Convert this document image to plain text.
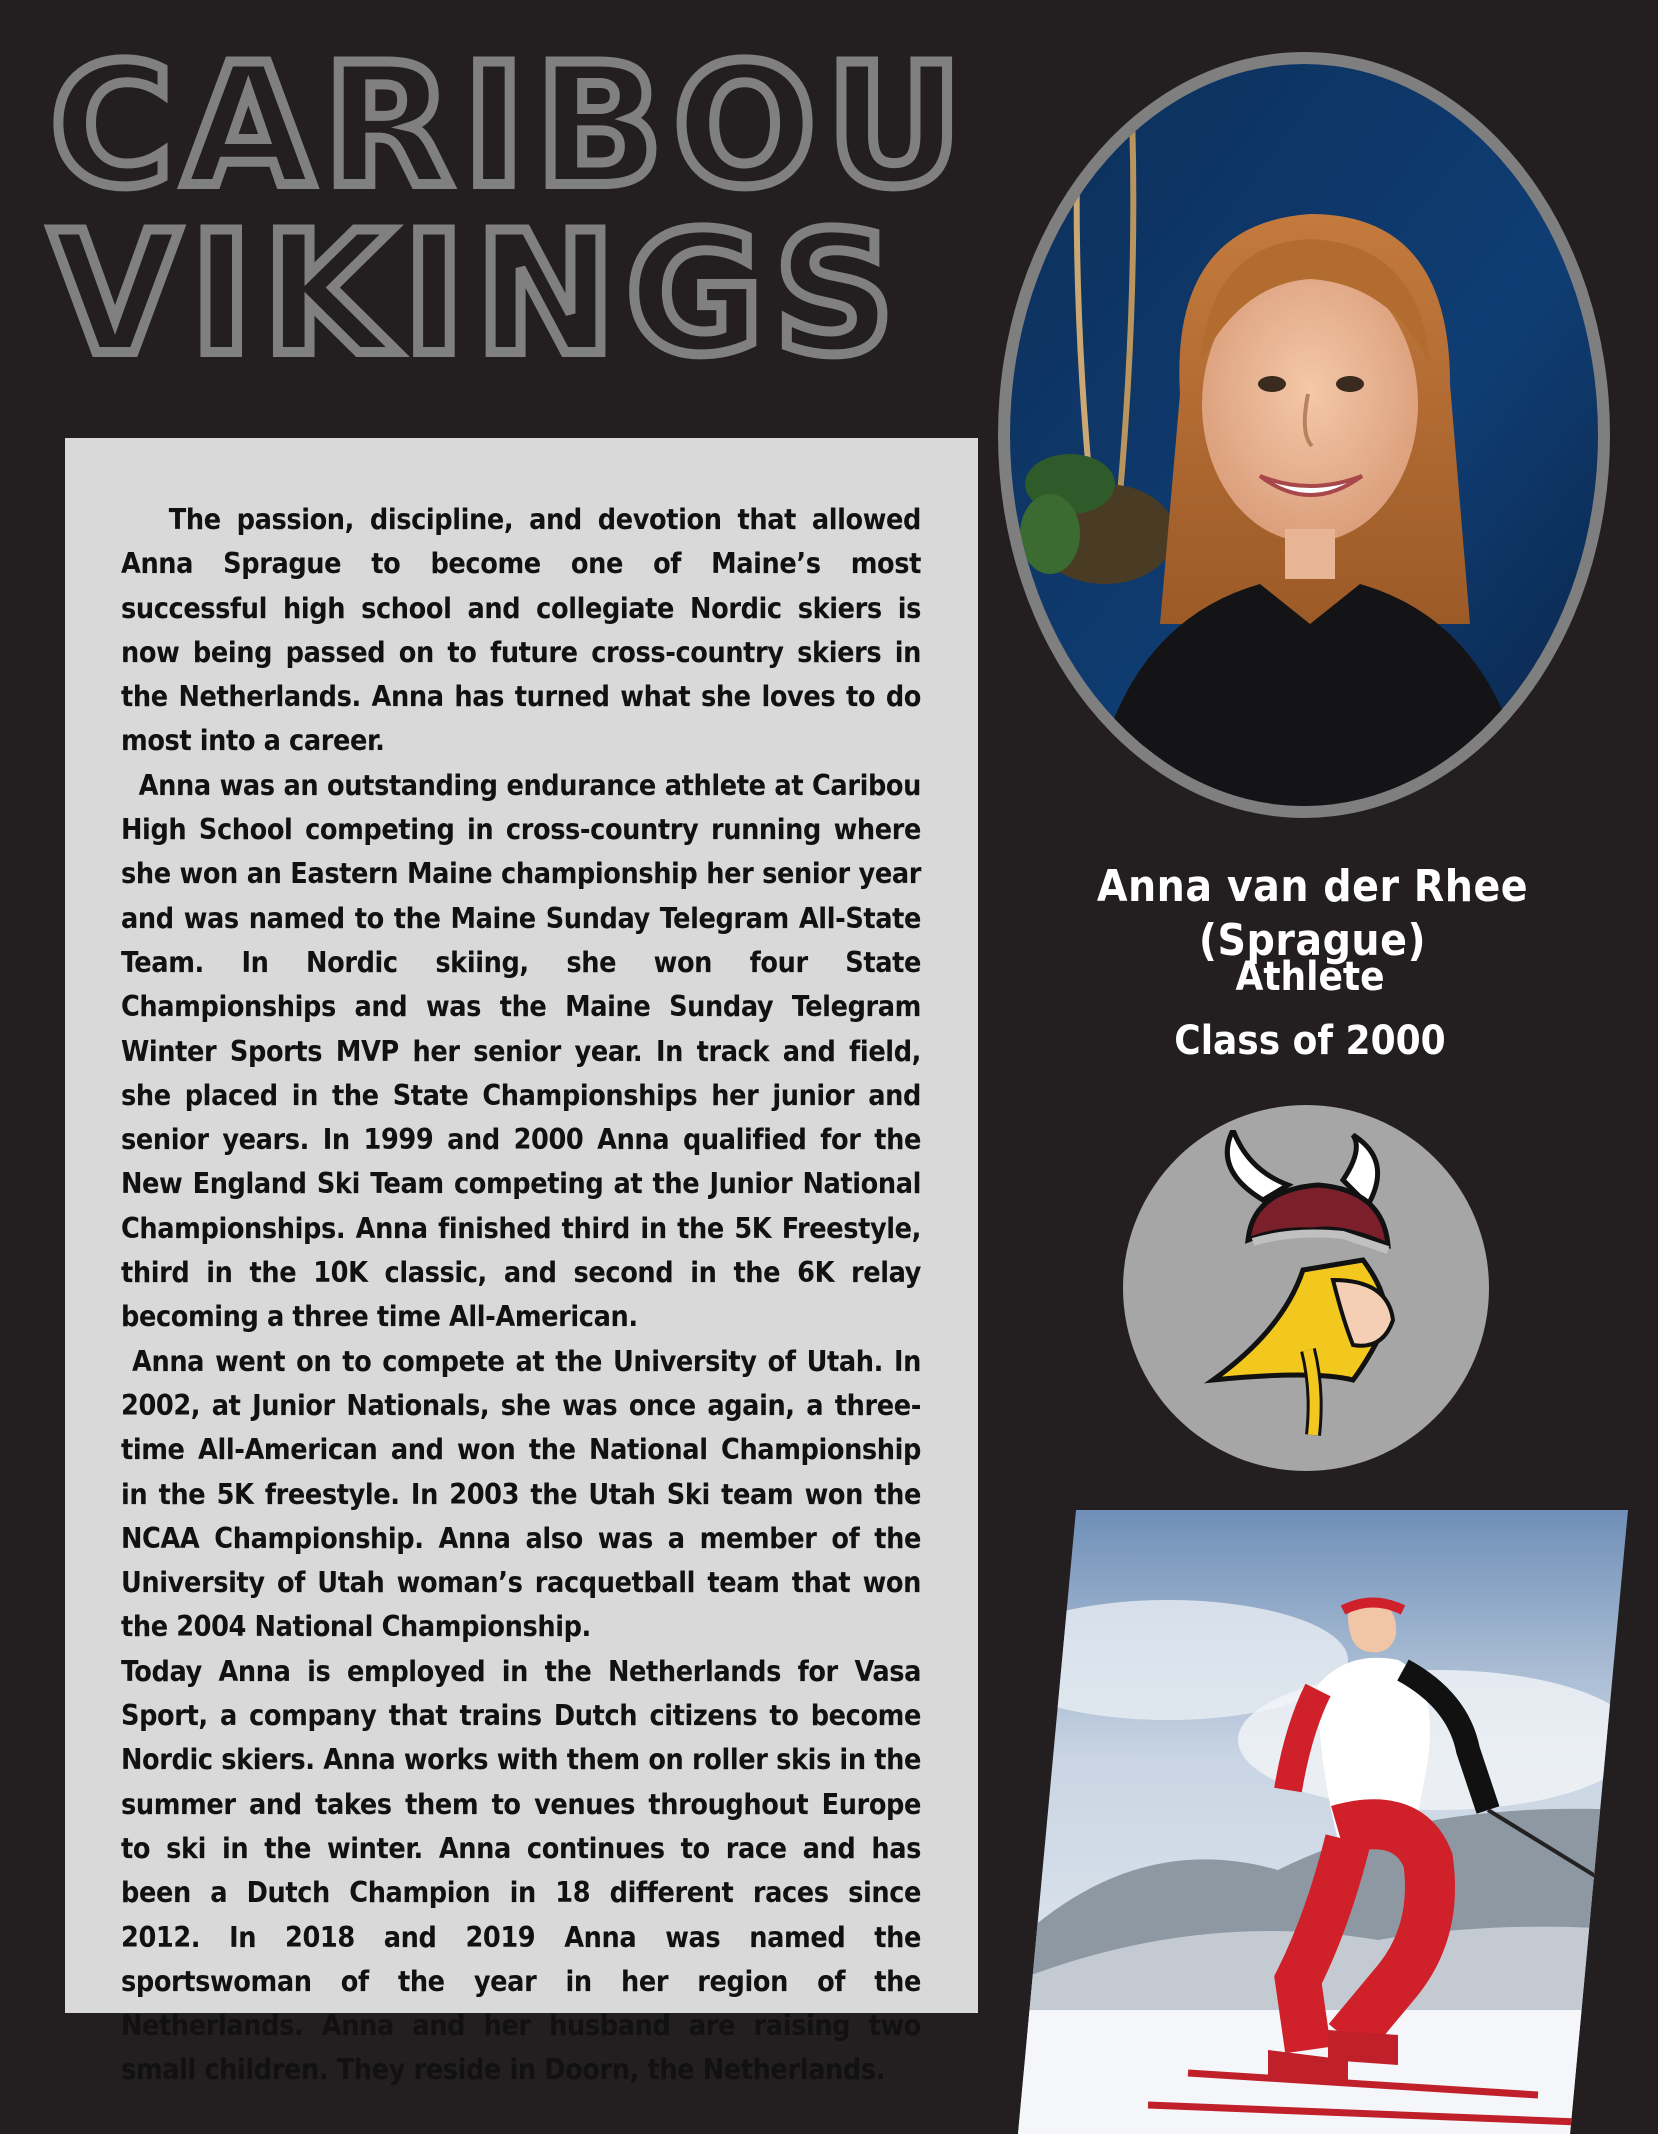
CARIBOU
VIKINGS

The passion, discipline, and devotion that allowed Anna Sprague to become one of Maine’s most successful high school and collegiate Nordic skiers is now being passed on to future cross-country skiers in the Netherlands. Anna has turned what she loves to do most into a career.

Anna was an outstanding endurance athlete at Caribou High School competing in cross-country running where she won an Eastern Maine championship her senior year and was named to the Maine Sunday Telegram All-State Team. In Nordic skiing, she won four State Championships and was the Maine Sunday Telegram Winter Sports MVP her senior year. In track and field, she placed in the State Championships her junior and senior years. In 1999 and 2000 Anna qualified for the New England Ski Team competing at the Junior National Championships. Anna finished third in the 5K Freestyle, third in the 10K classic, and second in the 6K relay becoming a three time All-American.

Anna went on to compete at the University of Utah. In 2002, at Junior Nationals, she was once again, a three-time All-American and won the National Championship in the 5K freestyle. In 2003 the Utah Ski team won the NCAA Championship. Anna also was a member of the University of Utah woman’s racquetball team that won the 2004 National Championship.

Today Anna is employed in the Netherlands for Vasa Sport, a company that trains Dutch citizens to become Nordic skiers. Anna works with them on roller skis in the summer and takes them to venues throughout Europe to ski in the winter. Anna continues to race and has been a Dutch Champion in 18 different races since 2012. In 2018 and 2019 Anna was named the sportswoman of the year in her region of the Netherlands. Anna and her husband are raising two small children. They reside in Doorn, the Netherlands.

Anna van der Rhee (Sprague)
Athlete
Class of 2000
